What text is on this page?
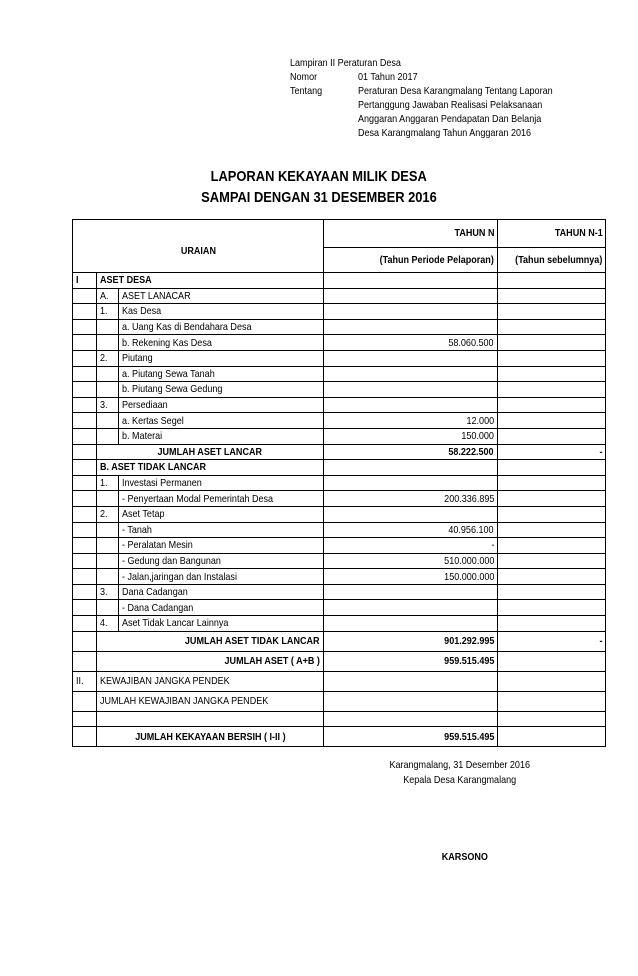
Lampiran II Peraturan Desa
Nomor	01 Tahun 2017
Tentang	Peraturan Desa Karangmalang Tentang Laporan
Pertanggung Jawaban Realisasi Pelaksanaan
Anggaran Anggaran Pendapatan Dan Belanja
Desa Karangmalang Tahun Anggaran 2016
LAPORAN KEKAYAAN MILIK DESA
SAMPAI DENGAN 31 DESEMBER 2016
URAIAN			TAHUN N	TAHUN N-1
			(Tahun Periode Pelaporan)	(Tahun sebelumnya)
I	ASET DESA			
	A.	ASET LANACAR		
	1.	Kas Desa		
		a. Uang Kas di Bendahara Desa		
		b. Rekening Kas Desa	58.060.500	
	2.	Piutang		
		a. Piutang Sewa Tanah		
		b. Piutang Sewa Gedung		
	3.	Persediaan		
		a. Kertas Segel	12.000	
		b. Materai	150.000	
	JUMLAH ASET LANCAR		58.222.500	-
	B. ASET TIDAK LANCAR			
	1.	Investasi Permanen		
		- Penyertaan Modal Pemerintah Desa	200.336.895	
	2.	Aset Tetap		
		- Tanah	40.956.100	
		- Peralatan Mesin	-	
		- Gedung dan Bangunan	510.000.000	
		- Jalan,jaringan dan Instalasi	150.000.000	
	3.	Dana Cadangan		
		- Dana Cadangan		
	4.	Aset Tidak Lancar Lainnya		
	JUMLAH ASET TIDAK LANCAR		901.292.995	-
	JUMLAH ASET ( A+B )		959.515.495	
II.	KEWAJIBAN JANGKA PENDEK			
	JUMLAH KEWAJIBAN JANGKA PENDEK			

	JUMLAH KEKAYAAN BERSIH ( I-II )		959.515.495	
Karangmalang, 31 Desember 2016
Kepala Desa Karangmalang
KARSONO
